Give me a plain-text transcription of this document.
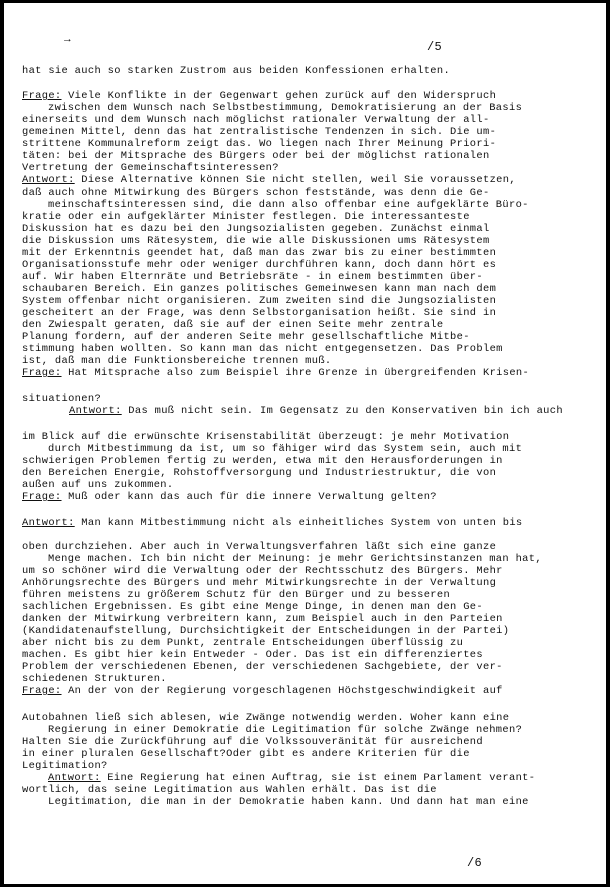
→	/5
hat sie auch so starken Zustrom aus beiden Konfessionen erhalten.
Frage: Viele Konflikte in der Gegenwart gehen zurück auf den Widerspruch
zwischen dem Wunsch nach Selbstbestimmung, Demokratisierung an der Basis
einerseits und dem Wunsch nach möglichst rationaler Verwaltung der all-
gemeinen Mittel, denn das hat zentralistische Tendenzen in sich. Die um-
strittene Kommunalreform zeigt das. Wo liegen nach Ihrer Meinung Priori-
täten: bei der Mitsprache des Bürgers oder bei der möglichst rationalen
Vertretung der Gemeinschaftsinteressen?
Antwort: Diese Alternative können Sie nicht stellen, weil Sie voraussetzen,
daß auch ohne Mitwirkung des Bürgers schon feststände, was denn die Ge-
meinschaftsinteressen sind, die dann also offenbar eine aufgeklärte Büro-
kratie oder ein aufgeklärter Minister festlegen. Die interessanteste
Diskussion hat es dazu bei den Jungsozialisten gegeben. Zunächst einmal
die Diskussion ums Rätesystem, die wie alle Diskussionen ums Rätesystem
mit der Erkenntnis geendet hat, daß man das zwar bis zu einer bestimmten
Organisationsstufe mehr oder weniger durchführen kann, doch dann hört es
auf. Wir haben Elternräte und Betriebsräte - in einem bestimmten über-
schaubaren Bereich. Ein ganzes politisches Gemeinwesen kann man nach dem
System offenbar nicht organisieren. Zum zweiten sind die Jungsozialisten
gescheitert an der Frage, was denn Selbstorganisation heißt. Sie sind in
den Zwiespalt geraten, daß sie auf der einen Seite mehr zentrale
Planung fordern, auf der anderen Seite mehr gesellschaftliche Mitbe-
stimmung haben wollten. So kann man das nicht entgegensetzen. Das Problem
ist, daß man die Funktionsbereiche trennen muß.
Frage: Hat Mitsprache also zum Beispiel ihre Grenze in übergreifenden Krisen-
situationen?
Antwort: Das muß nicht sein. Im Gegensatz zu den Konservativen bin ich auch
im Blick auf die erwünschte Krisenstabilität überzeugt: je mehr Motivation
durch Mitbestimmung da ist, um so fähiger wird das System sein, auch mit
schwierigen Problemen fertig zu werden, etwa mit den Herausforderungen in
den Bereichen Energie, Rohstoffversorgung und Industriestruktur, die von
außen auf uns zukommen.
Frage: Muß oder kann das auch für die innere Verwaltung gelten?
Antwort: Man kann Mitbestimmung nicht als einheitliches System von unten bis
oben durchziehen. Aber auch in Verwaltungsverfahren läßt sich eine ganze
Menge machen. Ich bin nicht der Meinung: je mehr Gerichtsinstanzen man hat,
um so schöner wird die Verwaltung oder der Rechtsschutz des Bürgers. Mehr
Anhörungsrechte des Bürgers und mehr Mitwirkungsrechte in der Verwaltung
führen meistens zu größerem Schutz für den Bürger und zu besseren
sachlichen Ergebnissen. Es gibt eine Menge Dinge, in denen man den Ge-
danken der Mitwirkung verbreitern kann, zum Beispiel auch in den Parteien
(Kandidatenaufstellung, Durchsichtigkeit der Entscheidungen in der Partei)
aber nicht bis zu dem Punkt, zentrale Entscheidungen überflüssig zu
machen. Es gibt hier kein Entweder - Oder. Das ist ein differenziertes
Problem der verschiedenen Ebenen, der verschiedenen Sachgebiete, der ver-
schiedenen Strukturen.
Frage: An der von der Regierung vorgeschlagenen Höchstgeschwindigkeit auf
Autobahnen ließ sich ablesen, wie Zwänge notwendig werden. Woher kann eine
Regierung in einer Demokratie die Legitimation für solche Zwänge nehmen?
Halten Sie die Zurückführung auf die Volkssouveränität für ausreichend
in einer pluralen Gesellschaft?Oder gibt es andere Kriterien für die
Legitimation?
Antwort: Eine Regierung hat einen Auftrag, sie ist einem Parlament verant-
wortlich, das seine Legitimation aus Wahlen erhält. Das ist die
Legitimation, die man in der Demokratie haben kann. Und dann hat man eine
/6
